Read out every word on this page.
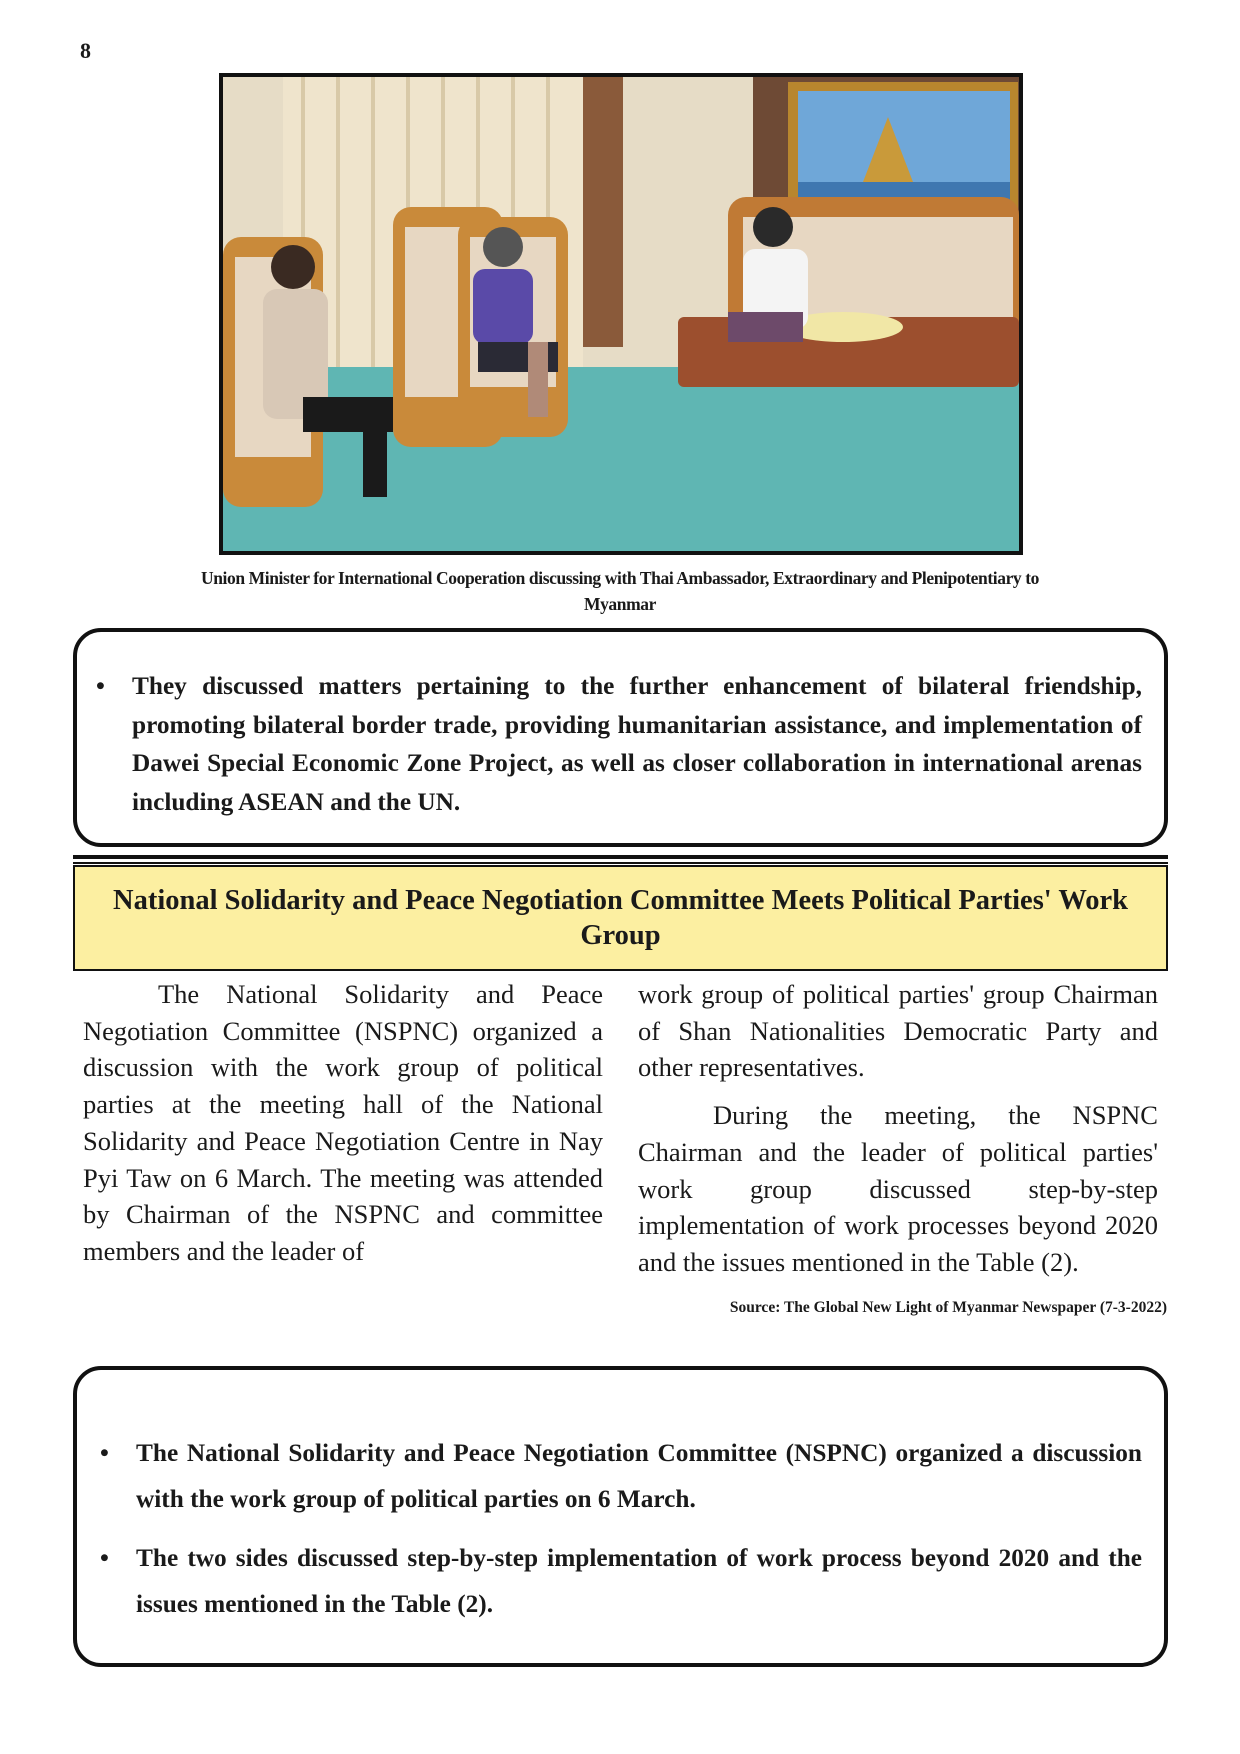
8
Union Minister for International Cooperation discussing with Thai Ambassador, Extraordinary and Plenipotentiary to Myanmar
• They discussed matters pertaining to the further enhancement of bilateral friendship, promoting bilateral border trade, providing humanitarian assistance, and implementation of Dawei Special Economic Zone Project, as well as closer collaboration in international arenas including ASEAN and the UN.
National Solidarity and Peace Negotiation Committee Meets Political Parties' Work Group

The National Solidarity and Peace Negotiation Committee (NSPNC) organized a discussion with the work group of political parties at the meeting hall of the National Solidarity and Peace Negotiation Centre in Nay Pyi Taw on 6 March. The meeting was attended by Chairman of the NSPNC and committee members and the leader of

work group of political parties' group Chairman of Shan Nationalities Democratic Party and other representatives.

During the meeting, the NSPNC Chairman and the leader of political parties' work group discussed step-by-step implementation of work processes beyond 2020 and the issues mentioned in the Table (2).

Source: The Global New Light of Myanmar Newspaper (7-3-2022)
• The National Solidarity and Peace Negotiation Committee (NSPNC) organized a discussion with the work group of political parties on 6 March.
• The two sides discussed step-by-step implementation of work process beyond 2020 and the issues mentioned in the Table (2).
